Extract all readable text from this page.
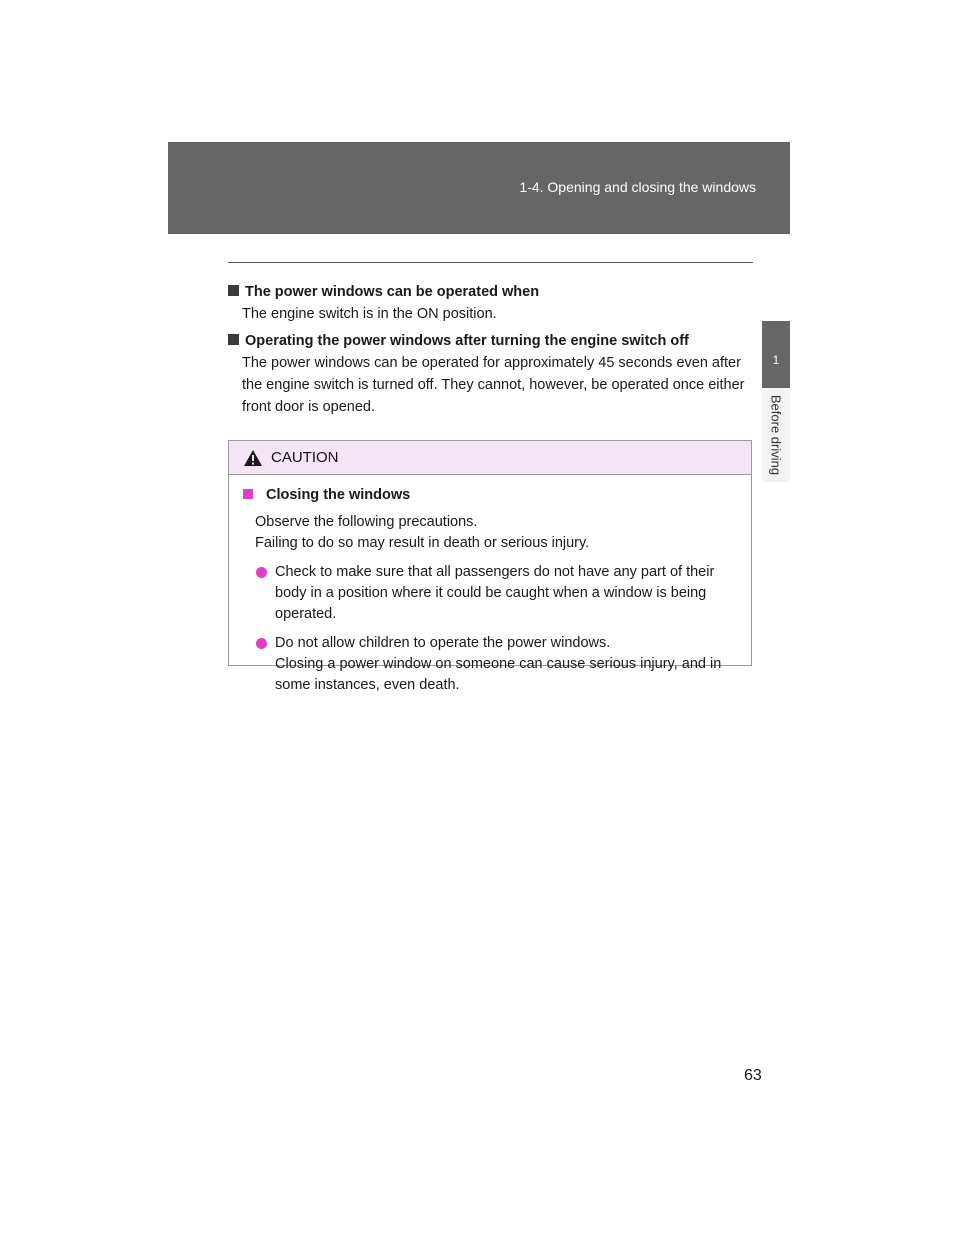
1-4. Opening and closing the windows
1
Before driving
The power windows can be operated when
The engine switch is in the ON position.
Operating the power windows after turning the engine switch off
The power windows can be operated for approximately 45 seconds even after the engine switch is turned off. They cannot, however, be operated once either front door is opened.
CAUTION
Closing the windows
Observe the following precautions.
Failing to do so may result in death or serious injury.
Check to make sure that all passengers do not have any part of their body in a position where it could be caught when a window is being operated.
Do not allow children to operate the power windows.
Closing a power window on someone can cause serious injury, and in some instances, even death.
63
